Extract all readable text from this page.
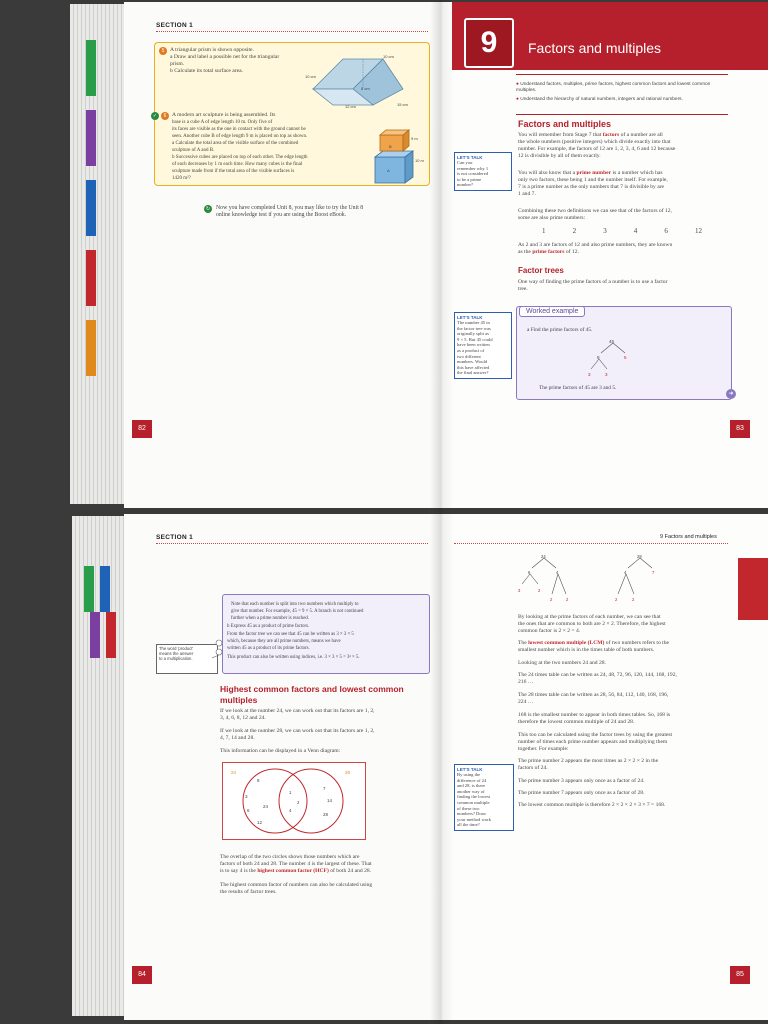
SECTION 1
5	A triangular prism is shown opposite.
a Draw and label a possible net for the triangular
prism.
b Calculate its total surface area.
10 cm
10 cm
8 cm
12 cm	15 cm
✓	6	A modern art sculpture is being assembled. Its
base is a cube A of edge length 10 m. Only five of
its faces are visible as the one in contact with the ground cannot be
seen. Another cube B of edge length 9 m is placed on top as shown.
a Calculate the total area of the visible surface of the combined
sculpture of A and B.
b Successive cubes are placed on top of each other. The edge length
of each decreases by 1 m each time. How many cubes is the final
sculpture made from if the total area of the visible surfaces is
1420 m²?
B
A
9 m
10 m
↻	Now you have completed Unit 8, you may like to try the Unit 8
online knowledge test if you are using the Boost eBook.
82
9	Factors and multiples
● Understand factors, multiples, prime factors, highest common factors and lowest common multiples.
● Understand the hierarchy of natural numbers, integers and rational numbers.
Factors and multiples
You will remember from Stage 7 that factors of a number are all
the whole numbers (positive integers) which divide exactly into that
number. For example, the factors of 12 are 1, 2, 3, 4, 6 and 12 because
12 is divisible by all of them exactly.
You will also know that a prime number is a number which has
only two factors, these being 1 and the number itself. For example,
7 is a prime number as the only numbers that 7 is divisible by are
1 and 7.
Combining these two definitions we can see that of the factors of 12,
some are also prime numbers:
1	2	3	4	6	12
As 2 and 3 are factors of 12 and also prime numbers, they are known
as the prime factors of 12.
Factor trees
One way of finding the prime factors of a number is to use a factor
tree.
LET'S TALK
Can you
remember why 1
is not considered
to be a prime
number?
LET'S TALK
The number 45 in
the factor tree was
originally split as
9 × 5. But 45 could
have been written
as a product of
two different
numbers. Would
this have affected
the final answer?
Worked example
a Find the prime factors of 45.
45
9	5
3	3
The prime factors of 45 are 3 and 5.
➜
83
SECTION 1
Note that each number is split into two numbers which multiply to
give that number. For example, 45 = 9 × 5. A branch is not continued
further when a prime number is reached.
b Express 45 as a product of prime factors.
From the factor tree we can see that 45 can be written as 3 × 3 × 5
which, because they are all prime numbers, means we have
written 45 as a product of its prime factors.
This product can also be written using indices, i.e. 3 × 3 × 5 = 3² × 5.
The word 'product'
means the answer
to a multiplication.
Highest common factors and lowest common multiples
If we look at the number 24, we can work out that its factors are 1, 2,
3, 4, 6, 8, 12 and 24.
If we look at the number 28, we can work out that its factors are 1, 2,
4, 7, 14 and 28.
This information can be displayed in a Venn diagram:
24	28
8
3
6
24
12
1
2
4
7
14
28
The overlap of the two circles shows those numbers which are
factors of both 24 and 28. The number 4 is the largest of these. That
is to say 4 is the highest common factor (HCF) of both 24 and 28.
The highest common factor of numbers can also be calculated using
the results of factor trees.
84
9 Factors and multiples
24
6	4
3	2
2	2
28
4	7
2	2
By looking at the prime factors of each number, we can see that
the ones that are common to both are 2 × 2. Therefore, the highest
common factor is 2 × 2 = 4.
The lowest common multiple (LCM) of two numbers refers to the
smallest number which is in the times table of both numbers.
Looking at the two numbers 24 and 28.
The 24 times table can be written as 24, 48, 72, 96, 120, 144, 168, 192,
216 …
The 28 times table can be written as 28, 56, 84, 112, 140, 168, 196,
224 …
168 is the smallest number to appear in both times tables. So, 168 is
therefore the lowest common multiple of 24 and 28.
This too can be calculated using the factor trees by using the greatest
number of times each prime number appears and multiplying them
together. For example:
The prime number 2 appears the most times as 2 × 2 × 2 in the
factors of 24.
The prime number 3 appears only once as a factor of 24.
The prime number 7 appears only once as a factor of 28.
The lowest common multiple is therefore 2 × 2 × 2 × 3 × 7 = 168.
LET'S TALK
By using the
difference of 24
and 28, is there
another way of
finding the lowest
common multiple
of these two
numbers? Draw
your method work
all the time?
85
